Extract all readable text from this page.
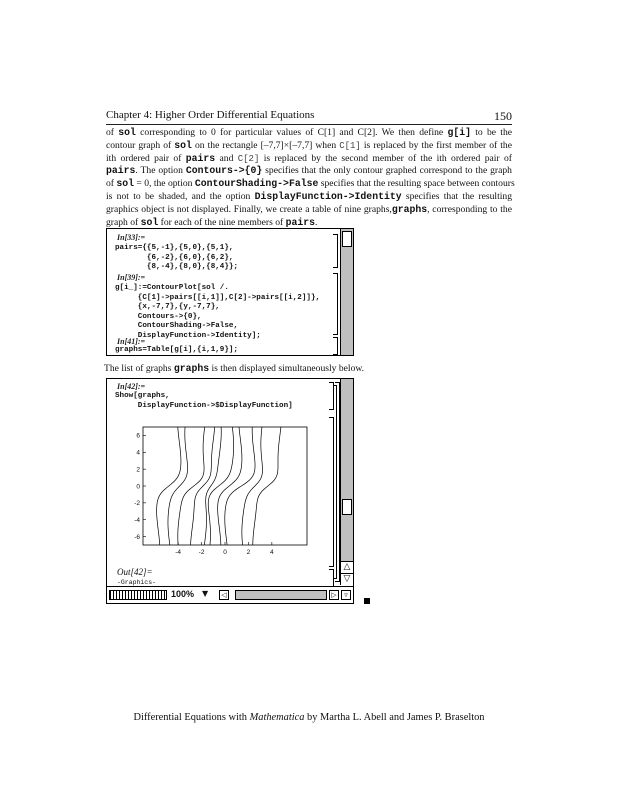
Chapter 4: Higher Order Differential Equations	150
of sol corresponding to 0 for particular values of C[1] and C[2]. We then define g[i] to be the
contour graph of sol on the rectangle [–7,7]×[–7,7] when C[1] is replaced by the first member of the
ith ordered pair of pairs and C[2] is replaced by the second member of the ith ordered pair of
pairs. The option Contours->{0} specifies that the only contour graphed correspond to the graph
of sol = 0, the option ContourShading->False specifies that the resulting space between contours
is not to be shaded, and the option DisplayFunction->Identity specifies that the resulting
graphics object is not displayed. Finally, we create a table of nine graphs,graphs, corresponding to the
graph of sol for each of the nine members of pairs.
In[33]:=
pairs={{5,-1},{5,0},{5,1},
{6,-2},{6,0},{6,2},
{8,-4},{8,0},{8,4}};
In[39]:=
g[i_]:=ContourPlot[sol /.
{C[1]->pairs[[i,1]],C[2]->pairs[[i,2]]},
{x,-7,7},{y,-7,7},
Contours->{0},
ContourShading->False,
DisplayFunction->Identity];
In[41]:=
graphs=Table[g[i],{i,1,9}];
The list of graphs graphs is then displayed simultaneously below.
In[42]:=
Show[graphs,
DisplayFunction->$DisplayFunction]
-4	-2	0	2	4
6
4
2
0
-2
-4
-6
Out[42]=
-Graphics-
△
▽
100% ▼	◁	▷	▿
Differential Equations with Mathematica by Martha L. Abell and James P. Braselton
